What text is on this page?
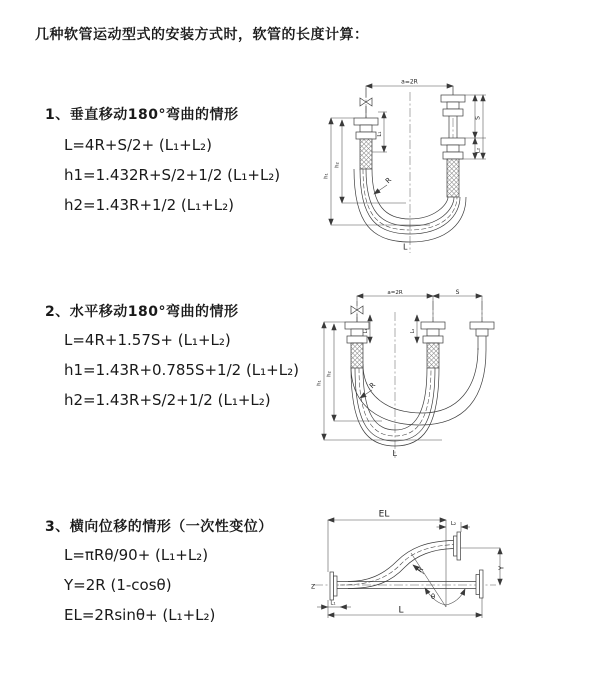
几种软管运动型式的安装方式时，软管的长度计算：
1、垂直移动180°弯曲的情形
L=4R+S/2+ (L₁+L₂)
h1=1.432R+S/2+1/2 (L₁+L₂)
h2=1.43R+1/2 (L₁+L₂)
2、水平移动180°弯曲的情形
L=4R+1.57S+ (L₁+L₂)
h1=1.43R+0.785S+1/2 (L₁+L₂)
h2=1.43R+S/2+1/2 (L₁+L₂)
3、横向位移的情形（一次性变位）
L=πRθ/90+ (L₁+L₂)
Y=2R (1-cosθ)
EL=2Rsinθ+ (L₁+L₂)
a=2R
h₁
h₂
L₁
S
L₂
R
L
a=2R	S
h₁
h₂
L₁	L₂
R
L
EL
L₂
Y
R
θ
L
L₁
Z
